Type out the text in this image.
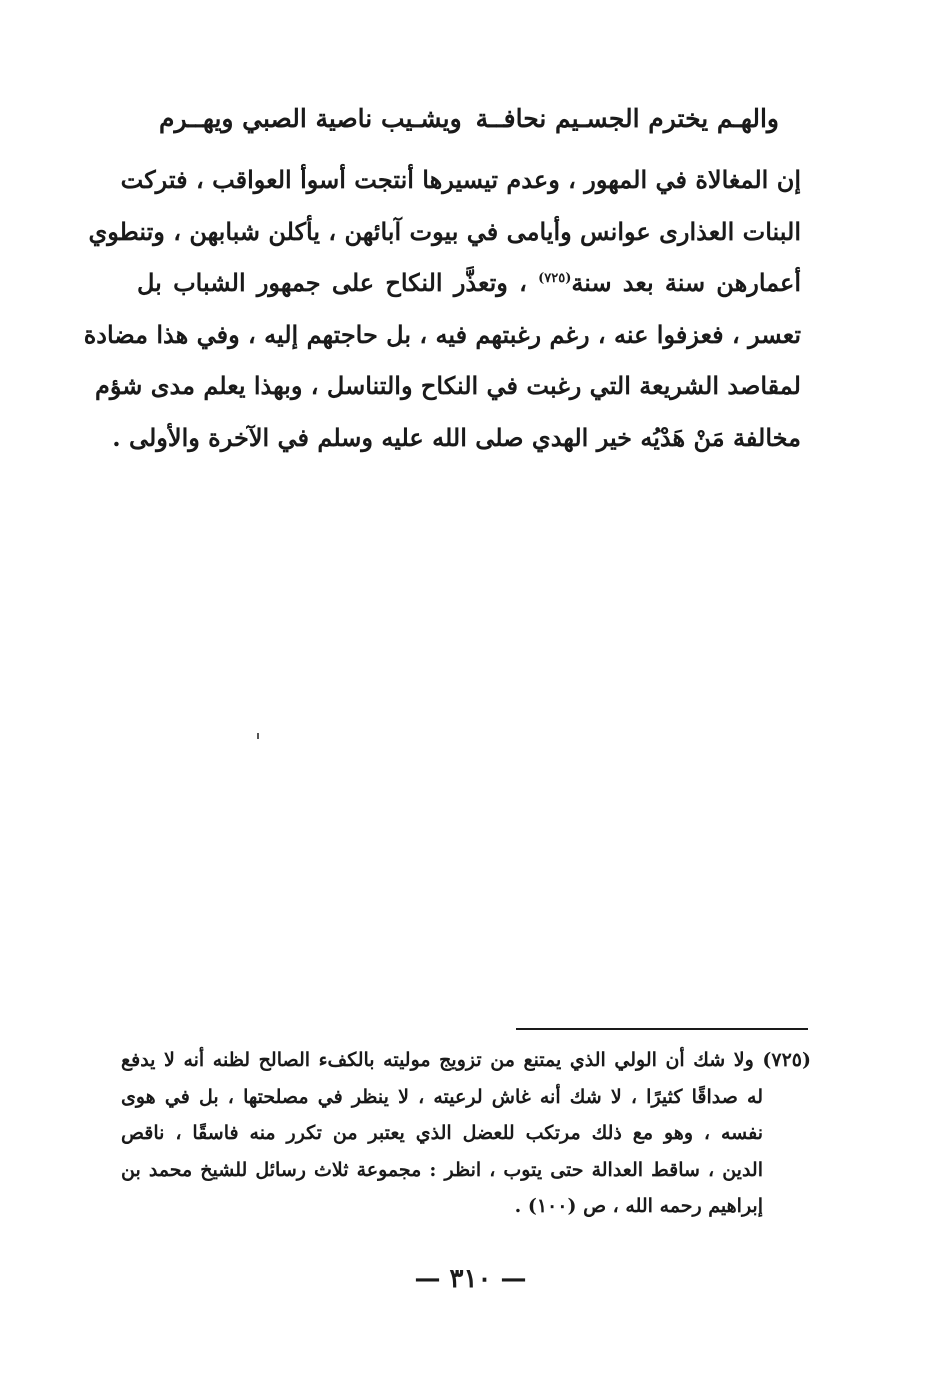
والهـم يخترم الجسـيم نحافــة
ويشـيب ناصية الصبي ويهــرم
إن المغالاة في المهور ، وعدم تيسيرها أنتجت أسوأ العواقب ، فتركت
البنات العذارى عوانس وأيامى في بيوت آبائهن ، يأكلن شبابهن ، وتنطوي
أعمارهن سنة بعد سنة$^{(٧٢٥)}$ ، وتعذَّر النكاح على جمهور الشباب بل
تعسر ، فعزفوا عنه ، رغم رغبتهم فيه ، بل حاجتهم إليه ، وفي هذا مضادة
لمقاصد الشريعة التي رغبت في النكاح والتناسل ، وبهذا يعلم مدى شؤم
مخالفة مَنْ هَدْيُه خير الهدي صلى الله عليه وسلم في الآخرة والأولى .
(٧٢٥) ولا شك أن الولي الذي يمتنع من تزويج موليته بالكفء الصالح لظنه أنه لا يدفع
له صداقًا كثيرًا ، لا شك أنه غاش لرعيته ، لا ينظر في مصلحتها ، بل في هوى
نفسه ، وهو مع ذلك مرتكب للعضل الذي يعتبر من تكرر منه فاسقًا ، ناقص
الدين ، ساقط العدالة حتى يتوب ، انظر : مجموعة ثلاث رسائل للشيخ محمد بن
إبراهيم رحمه الله ، ص (١٠٠) .
— ٣١٠ —
